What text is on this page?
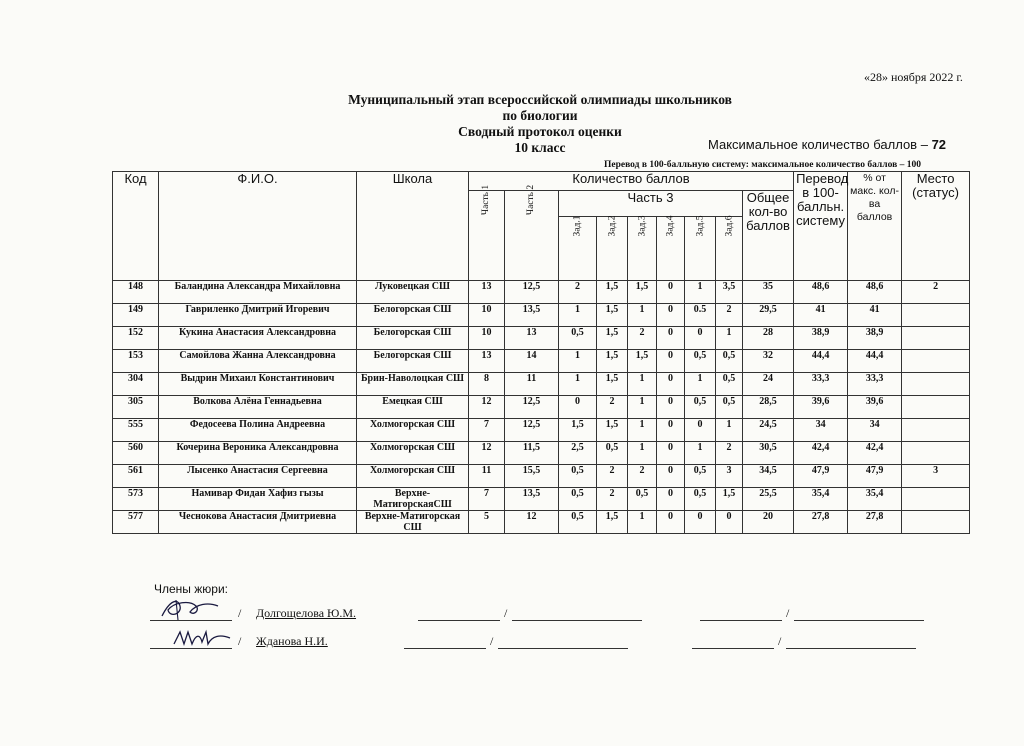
«28» ноября 2022 г.
Муниципальный этап всероссийской олимпиады школьников
по биологии
Сводный протокол оценки
10 класс	Максимальное количество баллов – 72
Перевод в 100-балльную систему: максимальное количество баллов – 100
Код	Ф.И.О.	Школа	Количество баллов									Перевод в 100-балльн. систему	% от макс. кол-ва баллов	Место (статус)
			Часть 1	Часть 2	Часть 3						Общее кол-во баллов			
					Зад.1	Зад.2	Зад.3	Зад.4	Зад.5	Зад.6				
148	Баландина Александра Михайловна	Луковецкая СШ	13	12,5	2	1,5	1,5	0	1	3,5	35	48,6	48,6	2
149	Гавриленко Дмитрий Игоревич	Белогорская СШ	10	13,5	1	1,5	1	0	0.5	2	29,5	41	41	
152	Кукина Анастасия Александровна	Белогорская СШ	10	13	0,5	1,5	2	0	0	1	28	38,9	38,9	
153	Самойлова Жанна Александровна	Белогорская СШ	13	14	1	1,5	1,5	0	0,5	0,5	32	44,4	44,4	
304	Выдрин Михаил Константинович	Брин-Наволоцкая СШ	8	11	1	1,5	1	0	1	0,5	24	33,3	33,3	
305	Волкова Алёна Геннадьевна	Емецкая СШ	12	12,5	0	2	1	0	0,5	0,5	28,5	39,6	39,6	
555	Федосеева Полина Андреевна	Холмогорская СШ	7	12,5	1,5	1,5	1	0	0	1	24,5	34	34	
560	Кочерина Вероника Александровна	Холмогорская СШ	12	11,5	2,5	0,5	1	0	1	2	30,5	42,4	42,4	
561	Лысенко Анастасия Сергеевна	Холмогорская СШ	11	15,5	0,5	2	2	0	0,5	3	34,5	47,9	47,9	3
573	Намивар Фидан Хафиз гызы	Верхне-МатигорскаяСШ	7	13,5	0,5	2	0,5	0	0,5	1,5	25,5	35,4	35,4	
577	Чеснокова Анастасия Дмитриевна	Верхне-Матигорская СШ	5	12	0,5	1,5	1	0	0	0	20	27,8	27,8	
Члены жюри:
/ Долгощелова Ю.М.	/	/
/ Жданова Н.И.	/	/
